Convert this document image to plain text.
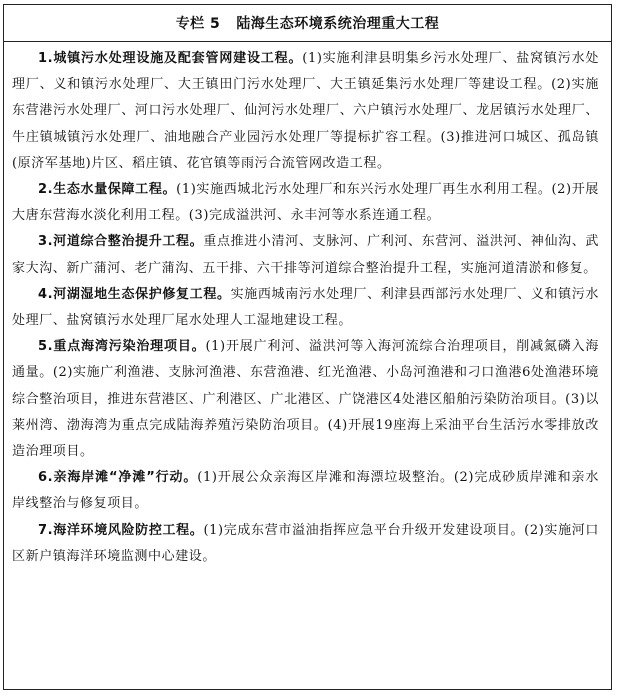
专栏 5 陆海生态环境系统治理重大工程

1.城镇污水处理设施及配套管网建设工程。(1)实施利津县明集乡污水处理厂、盐窝镇污水处理厂、义和镇污水处理厂、大王镇田门污水处理厂、大王镇延集污水处理厂等建设工程。(2)实施东营港污水处理厂、河口污水处理厂、仙河污水处理厂、六户镇污水处理厂、龙居镇污水处理厂、牛庄镇城镇污水处理厂、油地融合产业园污水处理厂等提标扩容工程。(3)推进河口城区、孤岛镇(原济军基地)片区、稻庄镇、花官镇等雨污合流管网改造工程。

2.生态水量保障工程。(1)实施西城北污水处理厂和东兴污水处理厂再生水利用工程。(2)开展大唐东营海水淡化利用工程。(3)完成溢洪河、永丰河等水系连通工程。

3.河道综合整治提升工程。重点推进小清河、支脉河、广利河、东营河、溢洪河、神仙沟、武家大沟、新广蒲河、老广蒲沟、五干排、六干排等河道综合整治提升工程，实施河道清淤和修复。

4.河湖湿地生态保护修复工程。实施西城南污水处理厂、利津县西部污水处理厂、义和镇污水处理厂、盐窝镇污水处理厂尾水处理人工湿地建设工程。

5.重点海湾污染治理项目。(1)开展广利河、溢洪河等入海河流综合治理项目，削减氮磷入海通量。(2)实施广利渔港、支脉河渔港、东营渔港、红光渔港、小岛河渔港和刁口渔港6处渔港环境综合整治项目，推进东营港区、广利港区、广北港区、广饶港区4处港区船舶污染防治项目。(3)以莱州湾、渤海湾为重点完成陆海养殖污染防治项目。(4)开展19座海上采油平台生活污水零排放改造治理项目。

6.亲海岸滩“净滩”行动。(1)开展公众亲海区岸滩和海漂垃圾整治。(2)完成砂质岸滩和亲水岸线整治与修复项目。

7.海洋环境风险防控工程。(1)完成东营市溢油指挥应急平台升级开发建设项目。(2)实施河口区新户镇海洋环境监测中心建设。
